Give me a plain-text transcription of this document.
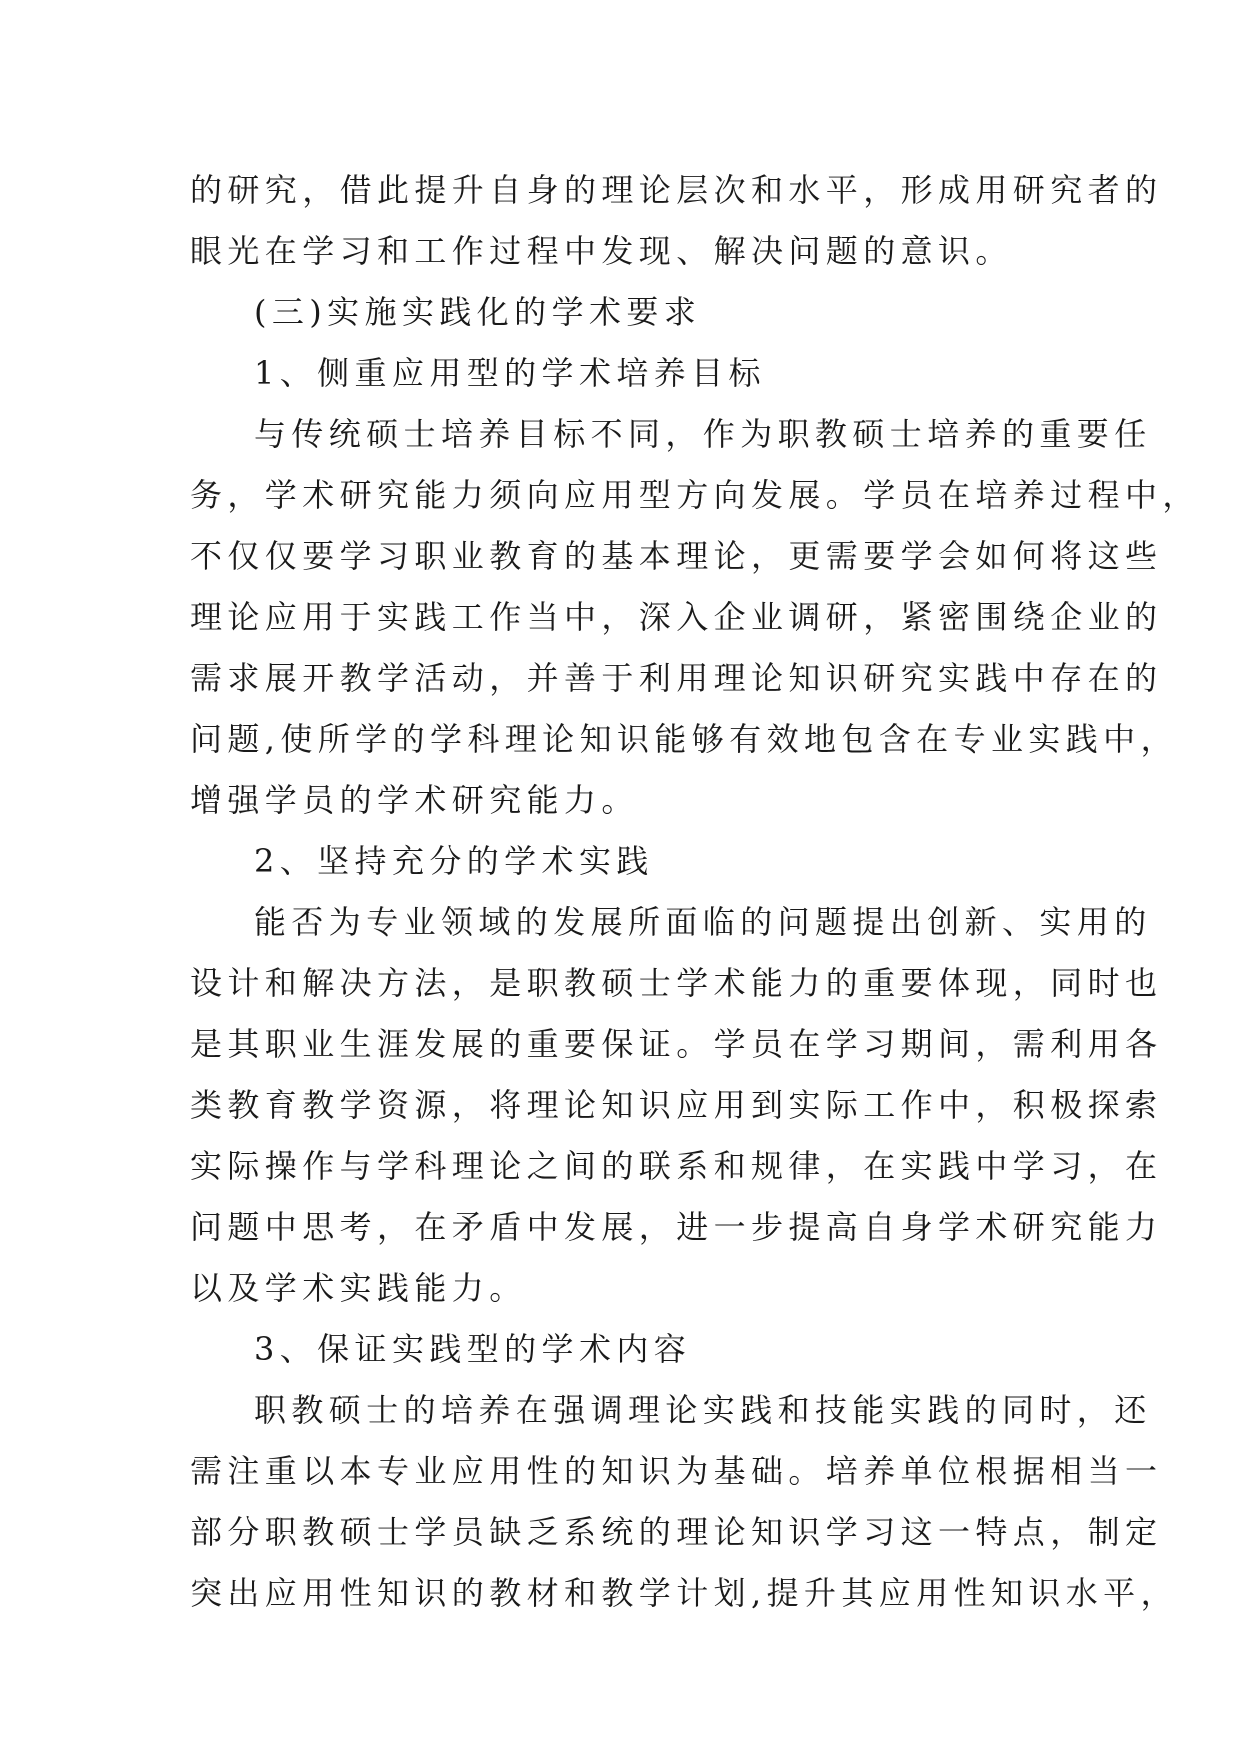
的研究，借此提升自身的理论层次和水平，形成用研究者的
眼光在学习和工作过程中发现、解决问题的意识。
(三)实施实践化的学术要求
1、侧重应用型的学术培养目标
与传统硕士培养目标不同，作为职教硕士培养的重要任
务，学术研究能力须向应用型方向发展。学员在培养过程中，
不仅仅要学习职业教育的基本理论，更需要学会如何将这些
理论应用于实践工作当中，深入企业调研，紧密围绕企业的
需求展开教学活动，并善于利用理论知识研究实践中存在的
问题,使所学的学科理论知识能够有效地包含在专业实践中，
增强学员的学术研究能力。
2、坚持充分的学术实践
能否为专业领域的发展所面临的问题提出创新、实用的
设计和解决方法，是职教硕士学术能力的重要体现，同时也
是其职业生涯发展的重要保证。学员在学习期间，需利用各
类教育教学资源，将理论知识应用到实际工作中，积极探索
实际操作与学科理论之间的联系和规律，在实践中学习，在
问题中思考，在矛盾中发展，进一步提高自身学术研究能力
以及学术实践能力。
3、保证实践型的学术内容
职教硕士的培养在强调理论实践和技能实践的同时，还
需注重以本专业应用性的知识为基础。培养单位根据相当一
部分职教硕士学员缺乏系统的理论知识学习这一特点，制定
突出应用性知识的教材和教学计划,提升其应用性知识水平，
